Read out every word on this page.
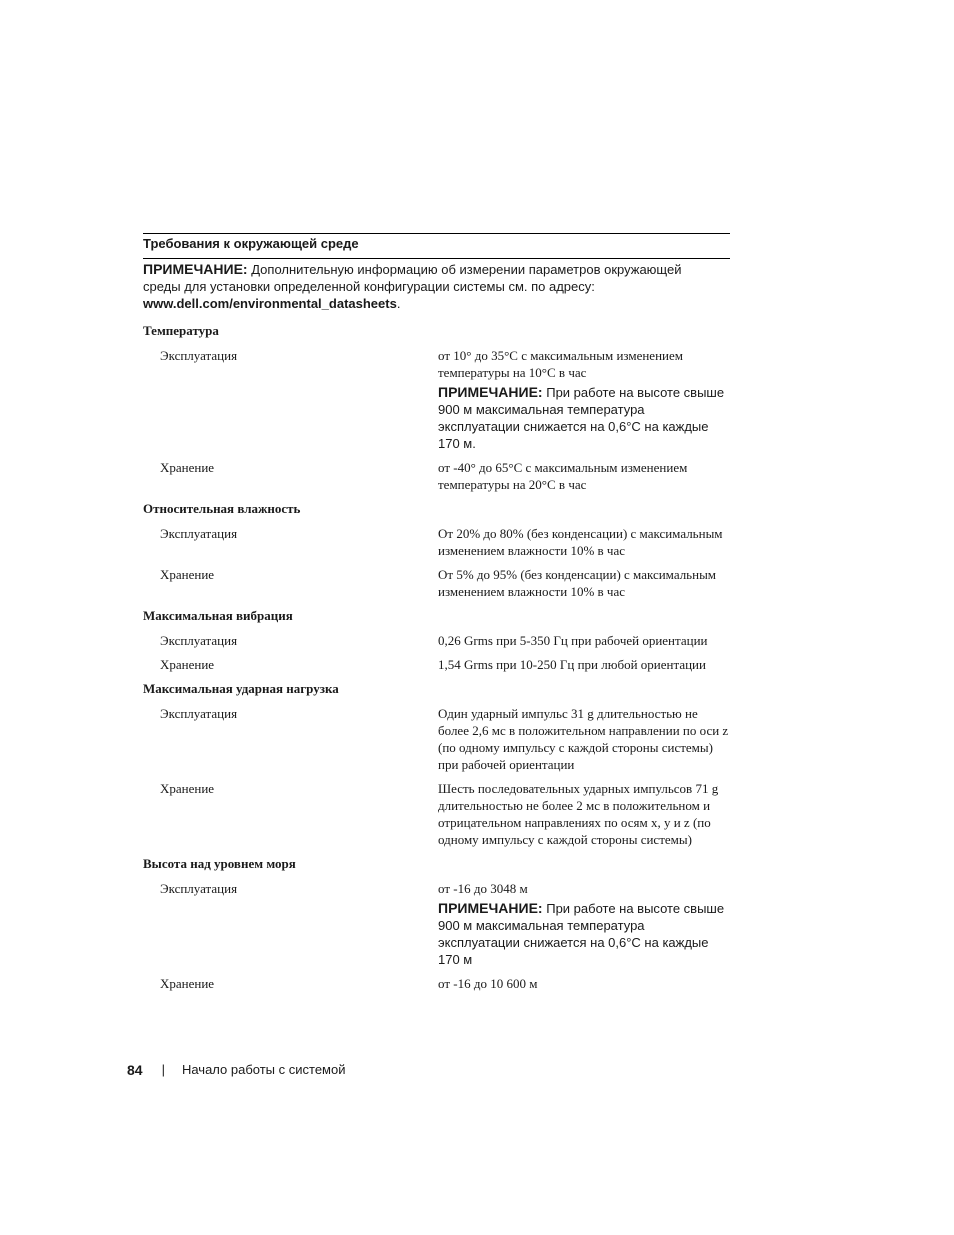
Требования к окружающей среде
ПРИМЕЧАНИЕ: Дополнительную информацию об измерении параметров окружающей
среды для установки определенной конфигурации системы см. по адресу:
www.dell.com/environmental_datasheets.
Температура
Эксплуатация	от 10° до 35°С с максимальным изменением температуры на 10°С в час
ПРИМЕЧАНИЕ: При работе на высоте свыше 900 м максимальная температура эксплуатации снижается на 0,6°С на каждые 170 м.
Хранение	от -40° до 65°С с максимальным изменением температуры на 20°С в час
Относительная влажность
Эксплуатация	От 20% до 80% (без конденсации) с максимальным изменением влажности 10% в час
Хранение	От 5% до 95% (без конденсации) с максимальным изменением влажности 10% в час
Максимальная вибрация
Эксплуатация	0,26 Grms при 5-350 Гц при рабочей ориентации
Хранение	1,54 Grms при 10-250 Гц при любой ориентации
Максимальная ударная нагрузка
Эксплуатация	Один ударный импульс 31 g длительностью не более 2,6 мс в положительном направлении по оси z (по одному импульсу с каждой стороны системы) при рабочей ориентации
Хранение	Шесть последовательных ударных импульсов 71 g длительностью не более 2 мс в положительном и отрицательном направлениях по осям x, y и z (по одному импульсу с каждой стороны системы)
Высота над уровнем моря
Эксплуатация	от -16 до 3048 м
ПРИМЕЧАНИЕ: При работе на высоте свыше 900 м максимальная температура эксплуатации снижается на 0,6°С на каждые 170 м
Хранение	от -16 до 10 600 м
84 | Начало работы с системой
